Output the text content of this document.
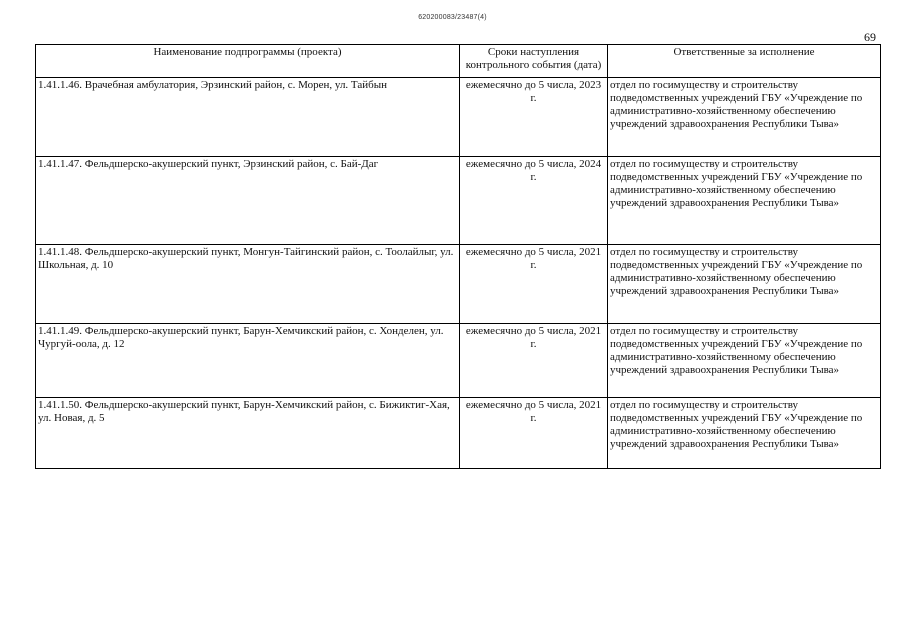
620200083/23487(4)
69
Наименование подпрограммы (проекта)	Сроки наступления контрольного события (дата)	Ответственные за исполнение
1.41.1.46. Врачебная амбулатория, Эрзинский район, с. Морен, ул. Тайбын	ежемесячно до 5 числа, 2023 г.	отдел по госимуществу и строительству подведомственных учреждений ГБУ «Учреждение по административно-хозяйственному обеспечению учреждений здравоохранения Республики Тыва»
1.41.1.47. Фельдшерско-акушерский пункт, Эрзинский район, с. Бай-Даг	ежемесячно до 5 числа, 2024 г.	отдел по госимуществу и строительству подведомственных учреждений ГБУ «Учреждение по административно-хозяйственному обеспечению учреждений здравоохранения Республики Тыва»
1.41.1.48. Фельдшерско-акушерский пункт, Монгун-Тайгинский район, с. Тоолайлыг, ул. Школьная, д. 10	ежемесячно до 5 числа, 2021 г.	отдел по госимуществу и строительству подведомственных учреждений ГБУ «Учреждение по административно-хозяйственному обеспечению учреждений здравоохранения Республики Тыва»
1.41.1.49. Фельдшерско-акушерский пункт, Барун-Хемчикский район, с. Хонделен, ул. Чургуй-оола, д. 12	ежемесячно до 5 числа, 2021 г.	отдел по госимуществу и строительству подведомственных учреждений ГБУ «Учреждение по административно-хозяйственному обеспечению учреждений здравоохранения Республики Тыва»
1.41.1.50. Фельдшерско-акушерский пункт, Барун-Хемчикский район, с. Бижиктиг-Хая, ул. Новая, д. 5	ежемесячно до 5 числа, 2021 г.	отдел по госимуществу и строительству подведомственных учреждений ГБУ «Учреждение по административно-хозяйственному обеспечению учреждений здравоохранения Республики Тыва»
